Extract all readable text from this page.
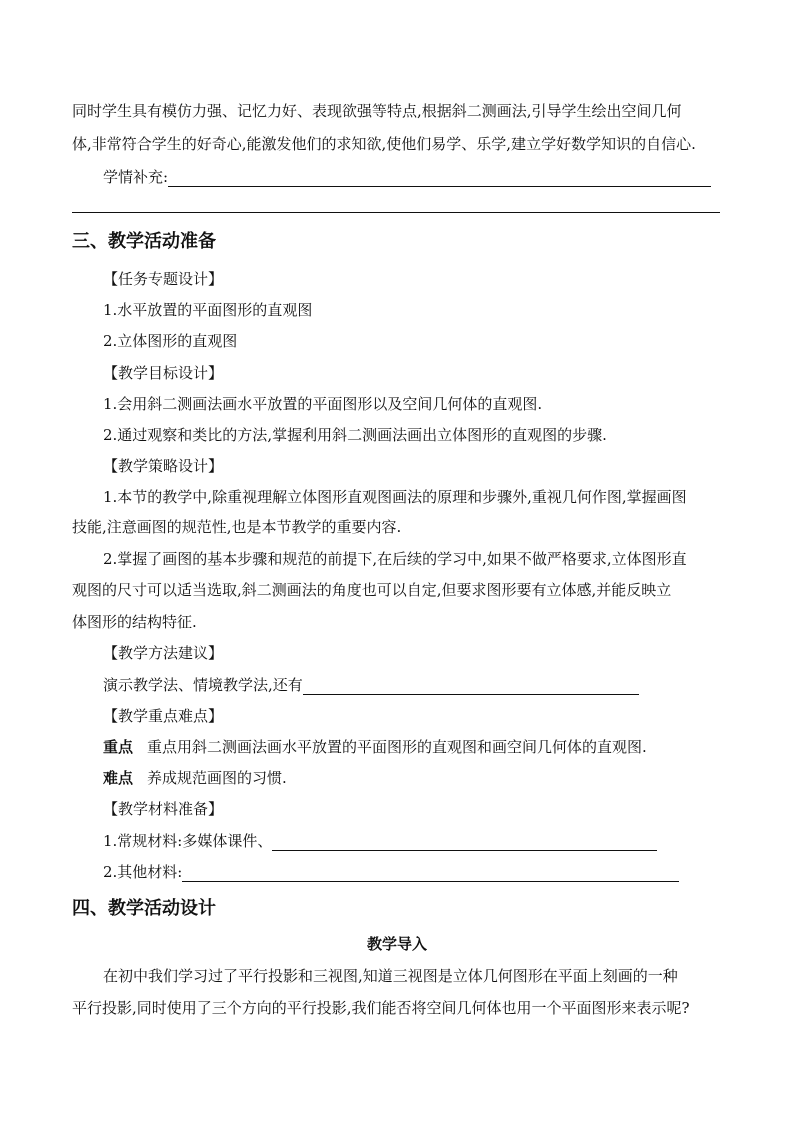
同时学生具有模仿力强、记忆力好、表现欲强等特点,根据斜二测画法,引导学生绘出空间几何
体,非常符合学生的好奇心,能激发他们的求知欲,使他们易学、乐学,建立学好数学知识的自信心.
学情补充:
三、教学活动准备
【任务专题设计】
1.水平放置的平面图形的直观图
2.立体图形的直观图
【教学目标设计】
1.会用斜二测画法画水平放置的平面图形以及空间几何体的直观图.
2.通过观察和类比的方法,掌握利用斜二测画法画出立体图形的直观图的步骤.
【教学策略设计】
1.本节的教学中,除重视理解立体图形直观图画法的原理和步骤外,重视几何作图,掌握画图
技能,注意画图的规范性,也是本节教学的重要内容.
2.掌握了画图的基本步骤和规范的前提下,在后续的学习中,如果不做严格要求,立体图形直
观图的尺寸可以适当选取,斜二测画法的角度也可以自定,但要求图形要有立体感,并能反映立
体图形的结构特征.
【教学方法建议】
演示教学法、情境教学法,还有
【教学重点难点】
重点 重点用斜二测画法画水平放置的平面图形的直观图和画空间几何体的直观图.
难点 养成规范画图的习惯.
【教学材料准备】
1.常规材料:多媒体课件、
2.其他材料:
四、教学活动设计
教学导入
在初中我们学习过了平行投影和三视图,知道三视图是立体几何图形在平面上刻画的一种
平行投影,同时使用了三个方向的平行投影,我们能否将空间几何体也用一个平面图形来表示呢?
